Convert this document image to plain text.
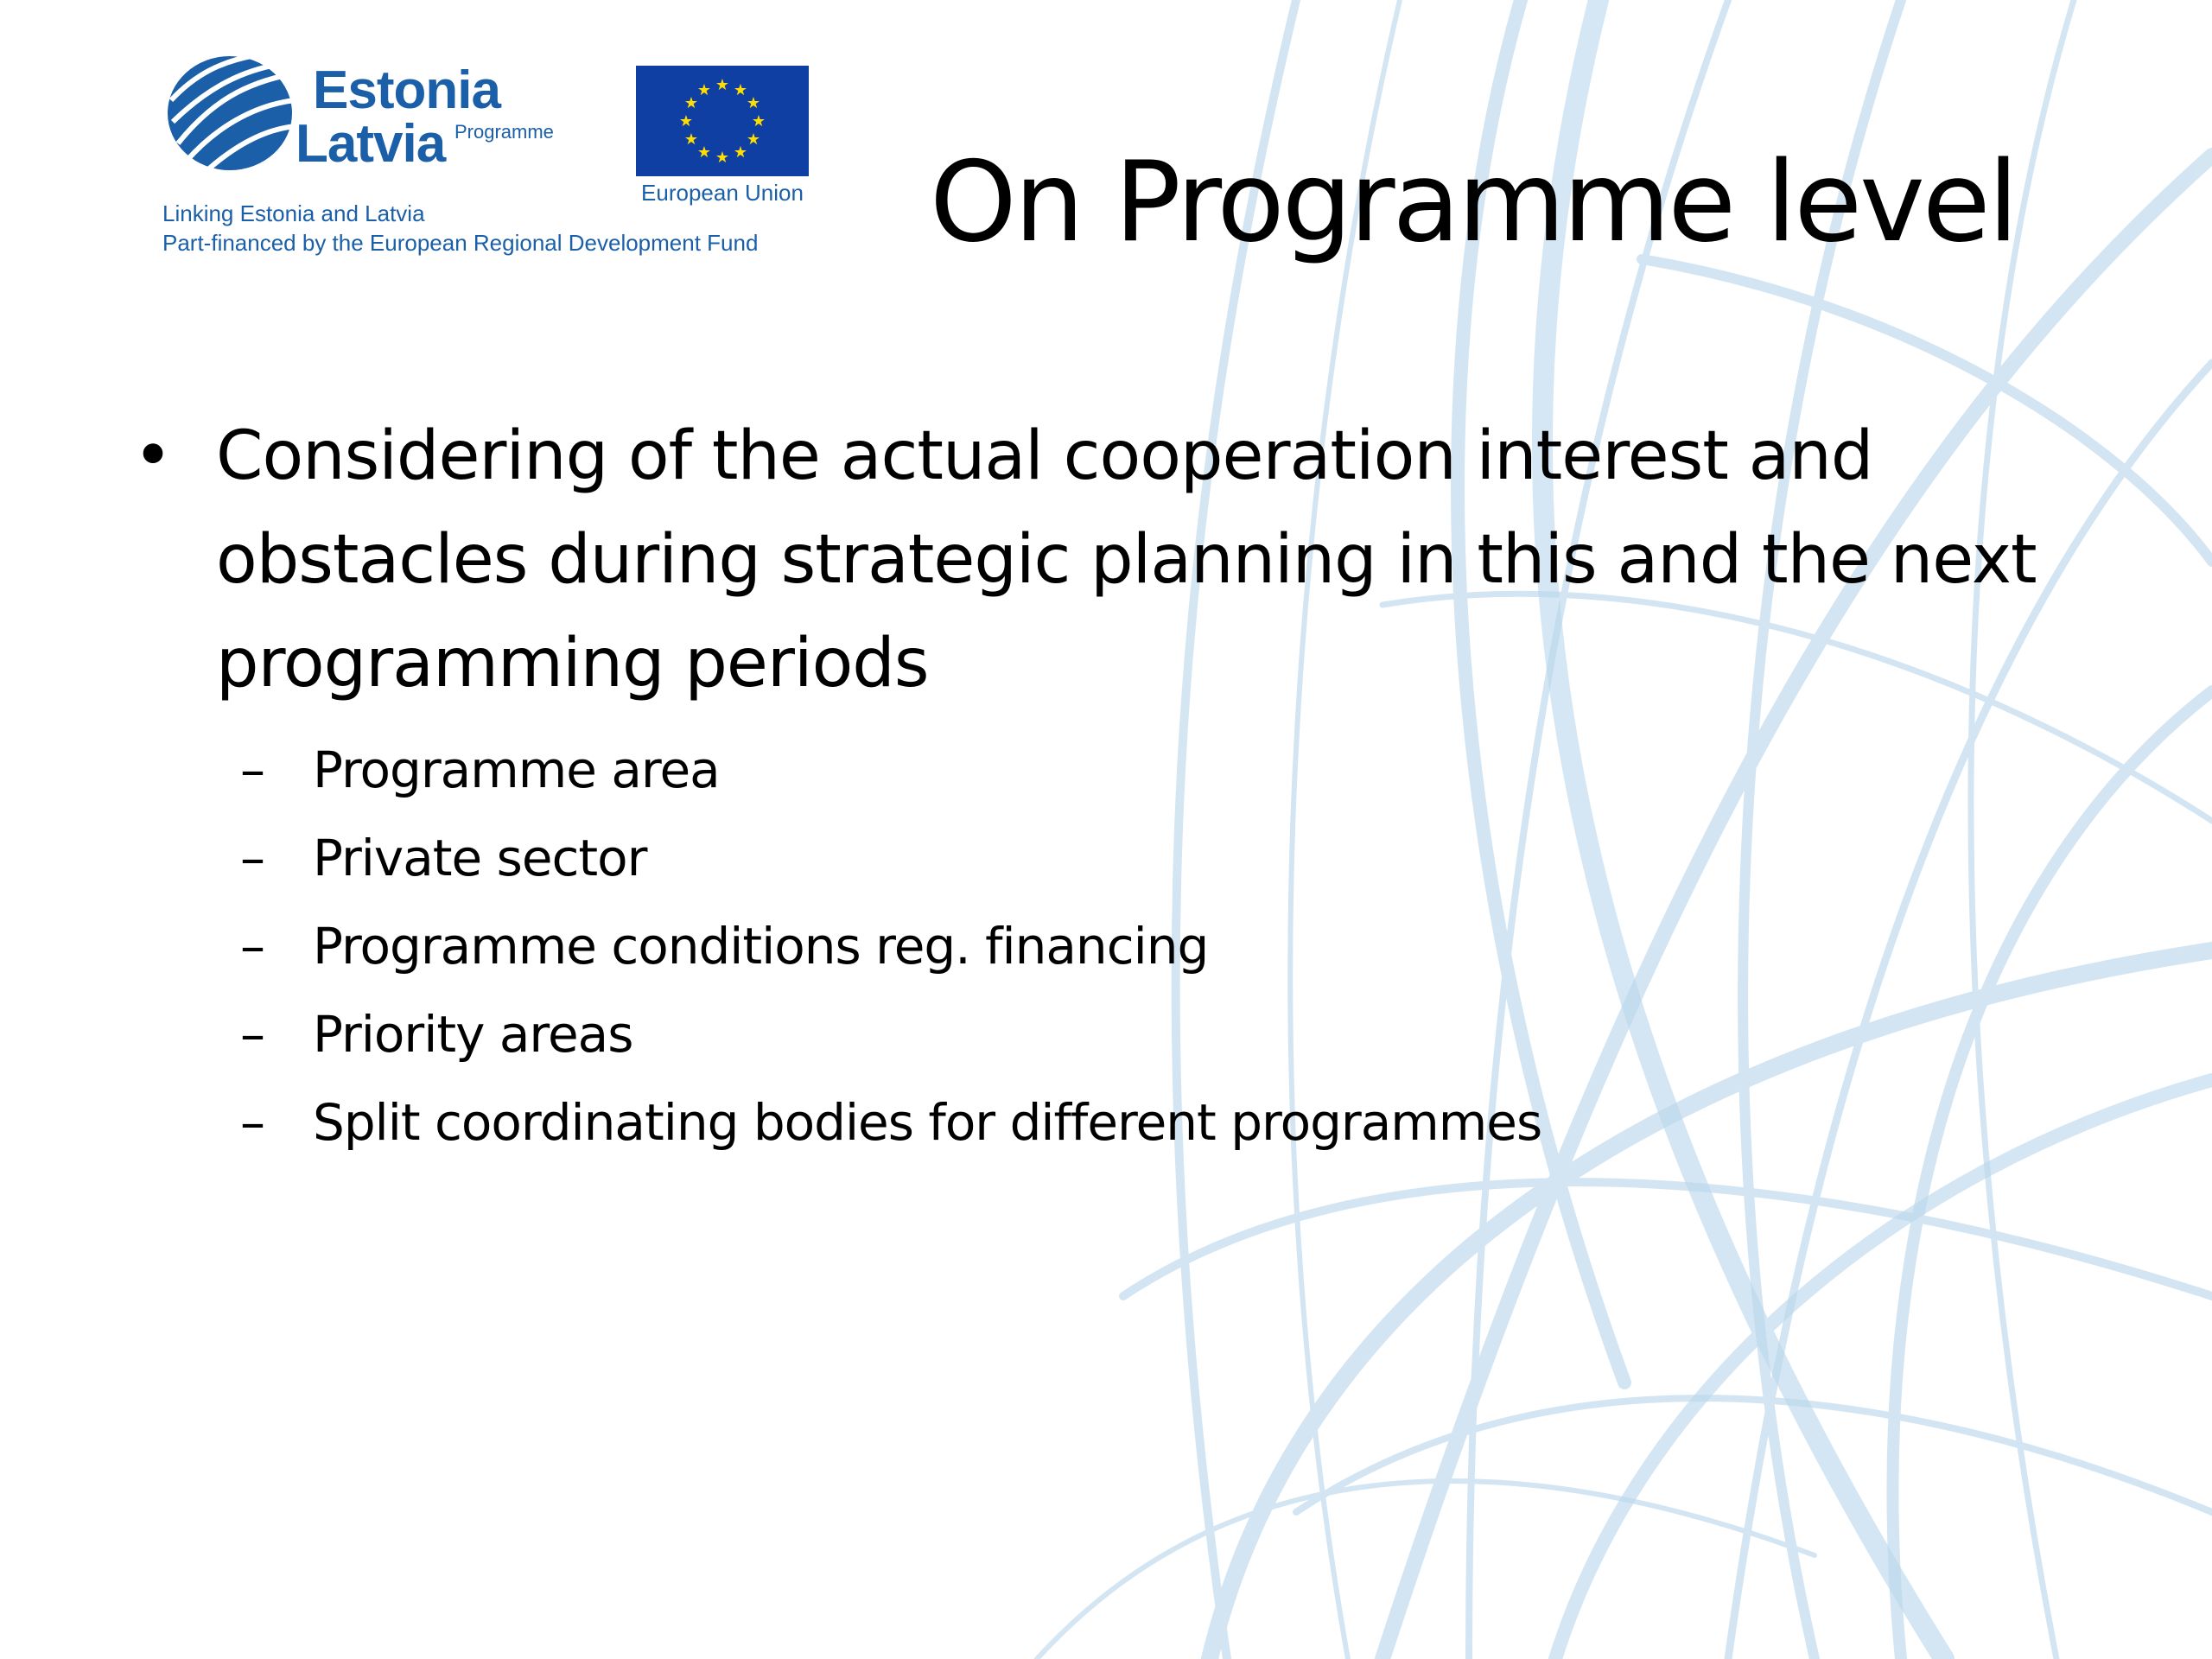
Estonia
Latvia Programme
★ ★
★
★
★
★
★
★
★
★
★
★
European Union
Linking Estonia and Latvia
Part-financed by the European Regional Development Fund On Programme level
• Considering of the actual cooperation interest and obstacles during strategic planning in this and the next programming periods
– Programme area
– Private sector
– Programme conditions reg. financing
– Priority areas
– Split coordinating bodies for different programmes
